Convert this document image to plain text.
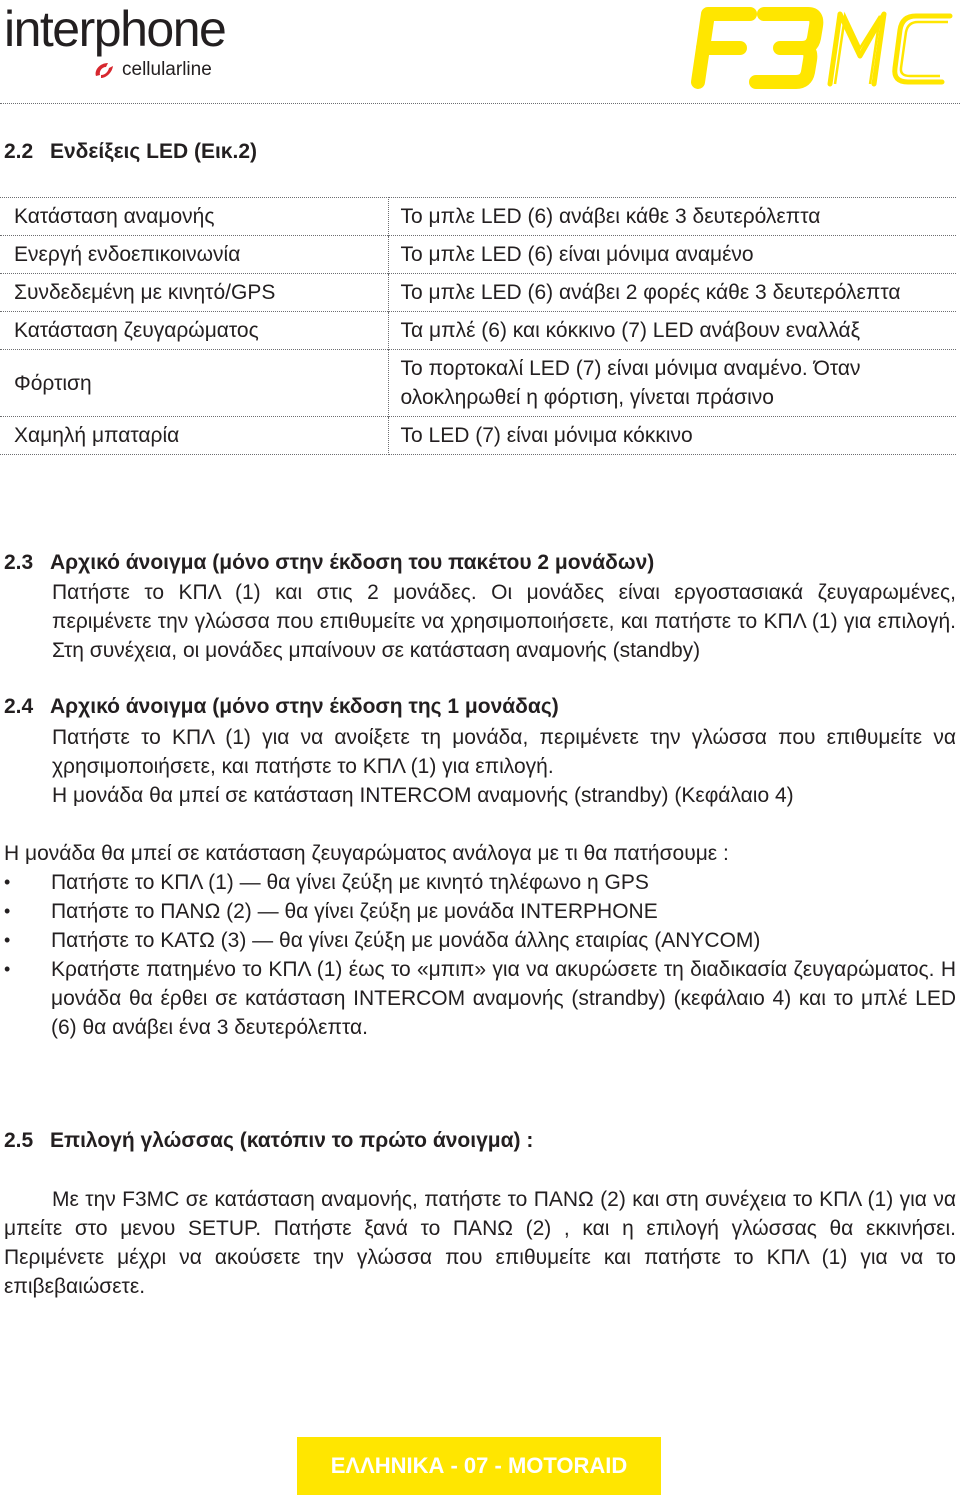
interphone
cellularline
2.2 Ενδείξεις LED (Εικ.2)
Κατάσταση αναμονής	Το μπλε LED (6) ανάβει κάθε 3 δευτερόλεπτα
Ενεργή ενδοεπικοινωνία	Το μπλε LED (6) είναι μόνιμα αναμένο
Συνδεδεμένη με κινητό/GPS	Το μπλε LED (6) ανάβει 2 φορές κάθε 3 δευτερόλεπτα
Κατάσταση ζευγαρώματος	Τα μπλέ (6) και κόκκινο (7) LED ανάβουν εναλλάξ
Φόρτιση	Το πορτοκαλί LED (7) είναι μόνιμα αναμένο. Όταν ολοκληρωθεί η φόρτιση, γίνεται πράσινο
Χαμηλή μπαταρία	Το LED (7) είναι μόνιμα κόκκινο
2.3 Αρχικό άνοιγμα (μόνο στην έκδοση του πακέτου 2 μονάδων)
Πατήστε το ΚΠΛ (1) και στις 2 μονάδες. Οι μονάδες είναι εργοστασιακά ζευγαρωμένες, περιμένετε την γλώσσα που επιθυμείτε να χρησιμοποιήσετε, και πατήστε το ΚΠΛ (1) για επιλογή. Στη συνέχεια, οι μονάδες μπαίνουν σε κατάσταση αναμονής (standby)
2.4 Αρχικό άνοιγμα (μόνο στην έκδοση της 1 μονάδας)
Πατήστε το ΚΠΛ (1) για να ανοίξετε τη μονάδα, περιμένετε την γλώσσα που επιθυμείτε να χρησιμοποιήσετε, και πατήστε το ΚΠΛ (1) για επιλογή.
Η μονάδα θα μπεί σε κατάσταση INTERCOM αναμονής (strandby) (Κεφάλαιο 4)
Η μονάδα θα μπεί σε κατάσταση ζευγαρώματος ανάλογα με τι θα πατήσουμε :
•	Πατήστε το ΚΠΛ (1) — θα γίνει ζεύξη με κινητό τηλέφωνο η GPS
•	Πατήστε το ΠΑΝΩ (2) — θα γίνει ζεύξη με μονάδα INTERPHONE
•	Πατήστε το ΚΑΤΩ (3) — θα γίνει ζεύξη με μονάδα άλλης εταιρίας (ANYCOM)
•	Κρατήστε πατημένο το ΚΠΛ (1) έως το «μπιπ» για να ακυρώσετε τη διαδικασία ζευγαρώματος. Η μονάδα θα έρθει σε κατάσταση INTERCOM αναμονής (strandby) (κεφάλαιο 4) και το μπλέ LED (6) θα ανάβει ένα 3 δευτερόλεπτα.
2.5 Επιλογή γλώσσας (κατόπιν το πρώτο άνοιγμα) :
Με την F3MC σε κατάσταση αναμονής, πατήστε το ΠΑΝΩ (2) και στη συνέχεια το ΚΠΛ (1) για να μπείτε στο μενου SETUP. Πατήστε ξανά το ΠΑΝΩ (2) , και η επιλογή γλώσσας θα εκκινήσει. Περιμένετε μέχρι να ακούσετε την γλώσσα που επιθυμείτε και πατήστε το ΚΠΛ (1) για να το επιβεβαιώσετε.
ΕΛΛΗΝΙΚΑ - 07 - MOTORAID
